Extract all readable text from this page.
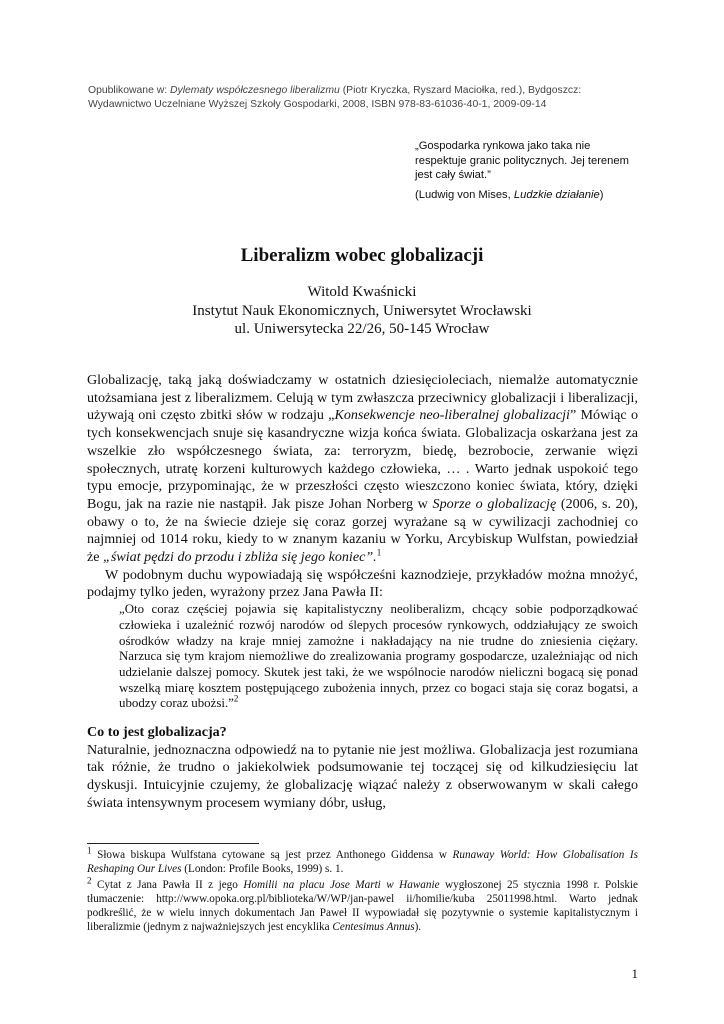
Opublikowane w: Dylematy współczesnego liberalizmu (Piotr Kryczka, Ryszard Maciołka, red.), Bydgoszcz:
Wydawnictwo Uczelniane Wyższej Szkoły Gospodarki, 2008, ISBN 978-83-61036-40-1, 2009-09-14
„Gospodarka rynkowa jako taka nie respektuje granic politycznych. Jej terenem jest cały świat.”
(Ludwig von Mises, Ludzkie działanie)
Liberalizm wobec globalizacji
Witold Kwaśnicki
Instytut Nauk Ekonomicznych, Uniwersytet Wrocławski
ul. Uniwersytecka 22/26, 50-145 Wrocław

Globalizację, taką jaką doświadczamy w ostatnich dziesięcioleciach, niemalże automatycznie utożsamiana jest z liberalizmem. Celują w tym zwłaszcza przeciwnicy globalizacji i liberalizacji, używają oni często zbitki słów w rodzaju „Konsekwencje neo-liberalnej globalizacji” Mówiąc o tych konsekwencjach snuje się kasandryczne wizja końca świata. Globalizacja oskarżana jest za wszelkie zło współczesnego świata, za: terroryzm, biedę, bezrobocie, zerwanie więzi społecznych, utratę korzeni kulturowych każdego człowieka, … . Warto jednak uspokoić tego typu emocje, przypominając, że w przeszłości często wieszczono koniec świata, który, dzięki Bogu, jak na razie nie nastąpił. Jak pisze Johan Norberg w Sporze o globalizację (2006, s. 20), obawy o to, że na świecie dzieje się coraz gorzej wyrażane są w cywilizacji zachodniej co najmniej od 1014 roku, kiedy to w znanym kazaniu w Yorku, Arcybiskup Wulfstan, powiedział że „świat pędzi do przodu i zbliża się jego koniec”.$^1$

W podobnym duchu wypowiadają się współcześni kaznodzieje, przykładów można mnożyć, podajmy tylko jeden, wyrażony przez Jana Pawła II:

„Oto coraz częściej pojawia się kapitalistyczny neoliberalizm, chcący sobie podporządkować człowieka i uzależnić rozwój narodów od ślepych procesów rynkowych, oddziałujący ze swoich ośrodków władzy na kraje mniej zamożne i nakładający na nie trudne do zniesienia ciężary. Narzuca się tym krajom niemożliwe do zrealizowania programy gospodarcze, uzależniając od nich udzielanie dalszej pomocy. Skutek jest taki, że we wspólnocie narodów nieliczni bogacą się ponad wszelką miarę kosztem postępującego zubożenia innych, przez co bogaci staja się coraz bogatsi, a ubodzy coraz ubożsi.”$^2$

Co to jest globalizacja?

Naturalnie, jednoznaczna odpowiedź na to pytanie nie jest możliwa. Globalizacja jest rozumiana tak różnie, że trudno o jakiekolwiek podsumowanie tej toczącej się od kilkudziesięciu lat dyskusji. Intuicyjnie czujemy, że globalizację wiązać należy z obserwowanym w skali całego świata intensywnym procesem wymiany dóbr, usług,

$^1$ Słowa biskupa Wulfstana cytowane są jest przez Anthonego Giddensa w Runaway World: How Globalisation Is Reshaping Our Lives (London: Profile Books, 1999) s. 1.

$^2$ Cytat z Jana Pawła II z jego Homilii na placu Jose Marti w Hawanie wygłoszonej 25 stycznia 1998 r. Polskie tłumaczenie: http://www.opoka.org.pl/biblioteka/W/WP/jan-pawel ii/homilie/kuba 25011998.html. Warto jednak podkreślić, że w wielu innych dokumentach Jan Paweł II wypowiadał się pozytywnie o systemie kapitalistycznym i liberalizmie (jednym z najważniejszych jest encyklika Centesimus Annus).

1
